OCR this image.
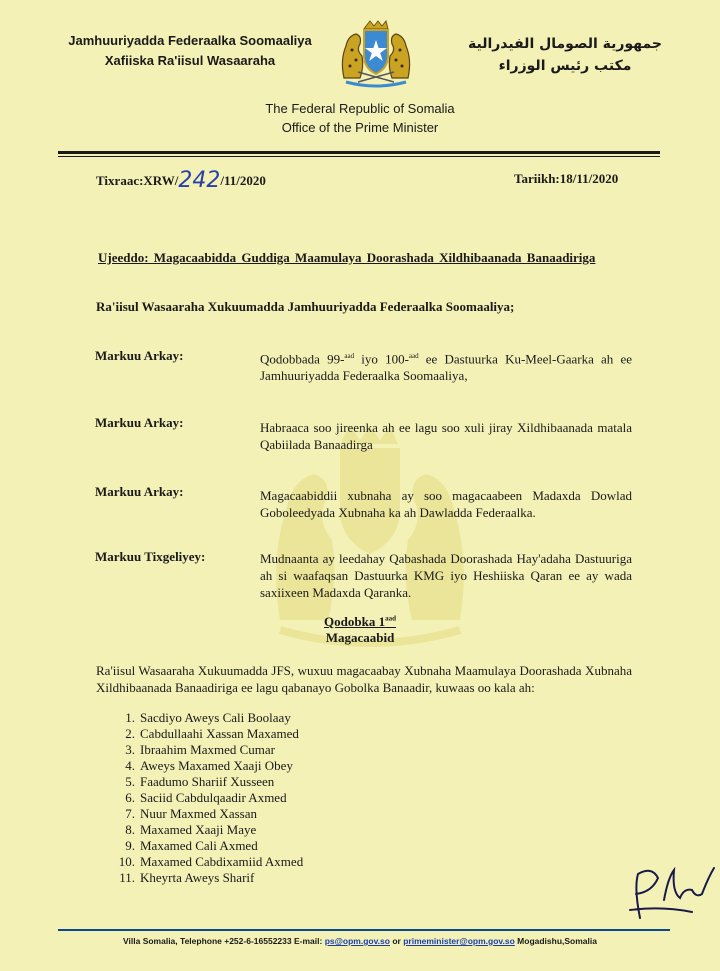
Jamhuuriyadda Federaalka Soomaaliya
Xafiiska Ra'iisul Wasaaraha
جمهورية الصومال الفيدرالية
مكتب رئيس الوزراء
The Federal Republic of Somalia
Office of the Prime Minister
Tixraac:XRW/242/11/2020	Tariikh:18/11/2020
Ujeeddo: Magacaabidda Guddiga Maamulaya Doorashada Xildhibaanada Banaadiriga
Ra'iisul Wasaaraha Xukuumadda Jamhuuriyadda Federaalka Soomaaliya;
Markuu Arkay:	Qodobbada 99-$^{aad}$ iyo 100-$^{aad}$ ee Dastuurka Ku-Meel-Gaarka ah ee Jamhuuriyadda Federaalka Soomaaliya,
Markuu Arkay:	Habraaca soo jireenka ah ee lagu soo xuli jiray Xildhibaanada matala Qabiilada Banaadirga
Markuu Arkay:	Magacaabiddii xubnaha ay soo magacaabeen Madaxda Dowlad Goboleedyada Xubnaha ka ah Dawladda Federaalka.
Markuu Tixgeliyey:	Mudnaanta ay leedahay Qabashada Doorashada Hay'adaha Dastuuriga ah si waafaqsan Dastuurka KMG iyo Heshiiska Qaran ee ay wada saxiixeen Madaxda Qaranka.
Qodobka $1^{aad}$
Magacaabid
Ra'iisul Wasaaraha Xukuumadda JFS, wuxuu magacaabay Xubnaha Maamulaya Doorashada Xubnaha Xildhibaanada Banaadiriga ee lagu qabanayo Gobolka Banaadir, kuwaas oo kala ah:
1. Sacdiyo Aweys Cali Boolaay
2. Cabdullaahi Xassan Maxamed
3. Ibraahim Maxmed Cumar
4. Aweys Maxamed Xaaji Obey
5. Faadumo Shariif Xusseen
6. Saciid Cabdulqaadir Axmed
7. Nuur Maxmed Xassan
8. Maxamed Xaaji Maye
9. Maxamed Cali Axmed
10. Maxamed Cabdixamiid Axmed
11. Kheyrta Aweys Sharif
Villa Somalia, Telephone +252-6-16552233 E-mail: ps@opm.gov.so or primeminister@opm.gov.so Mogadishu,Somalia
